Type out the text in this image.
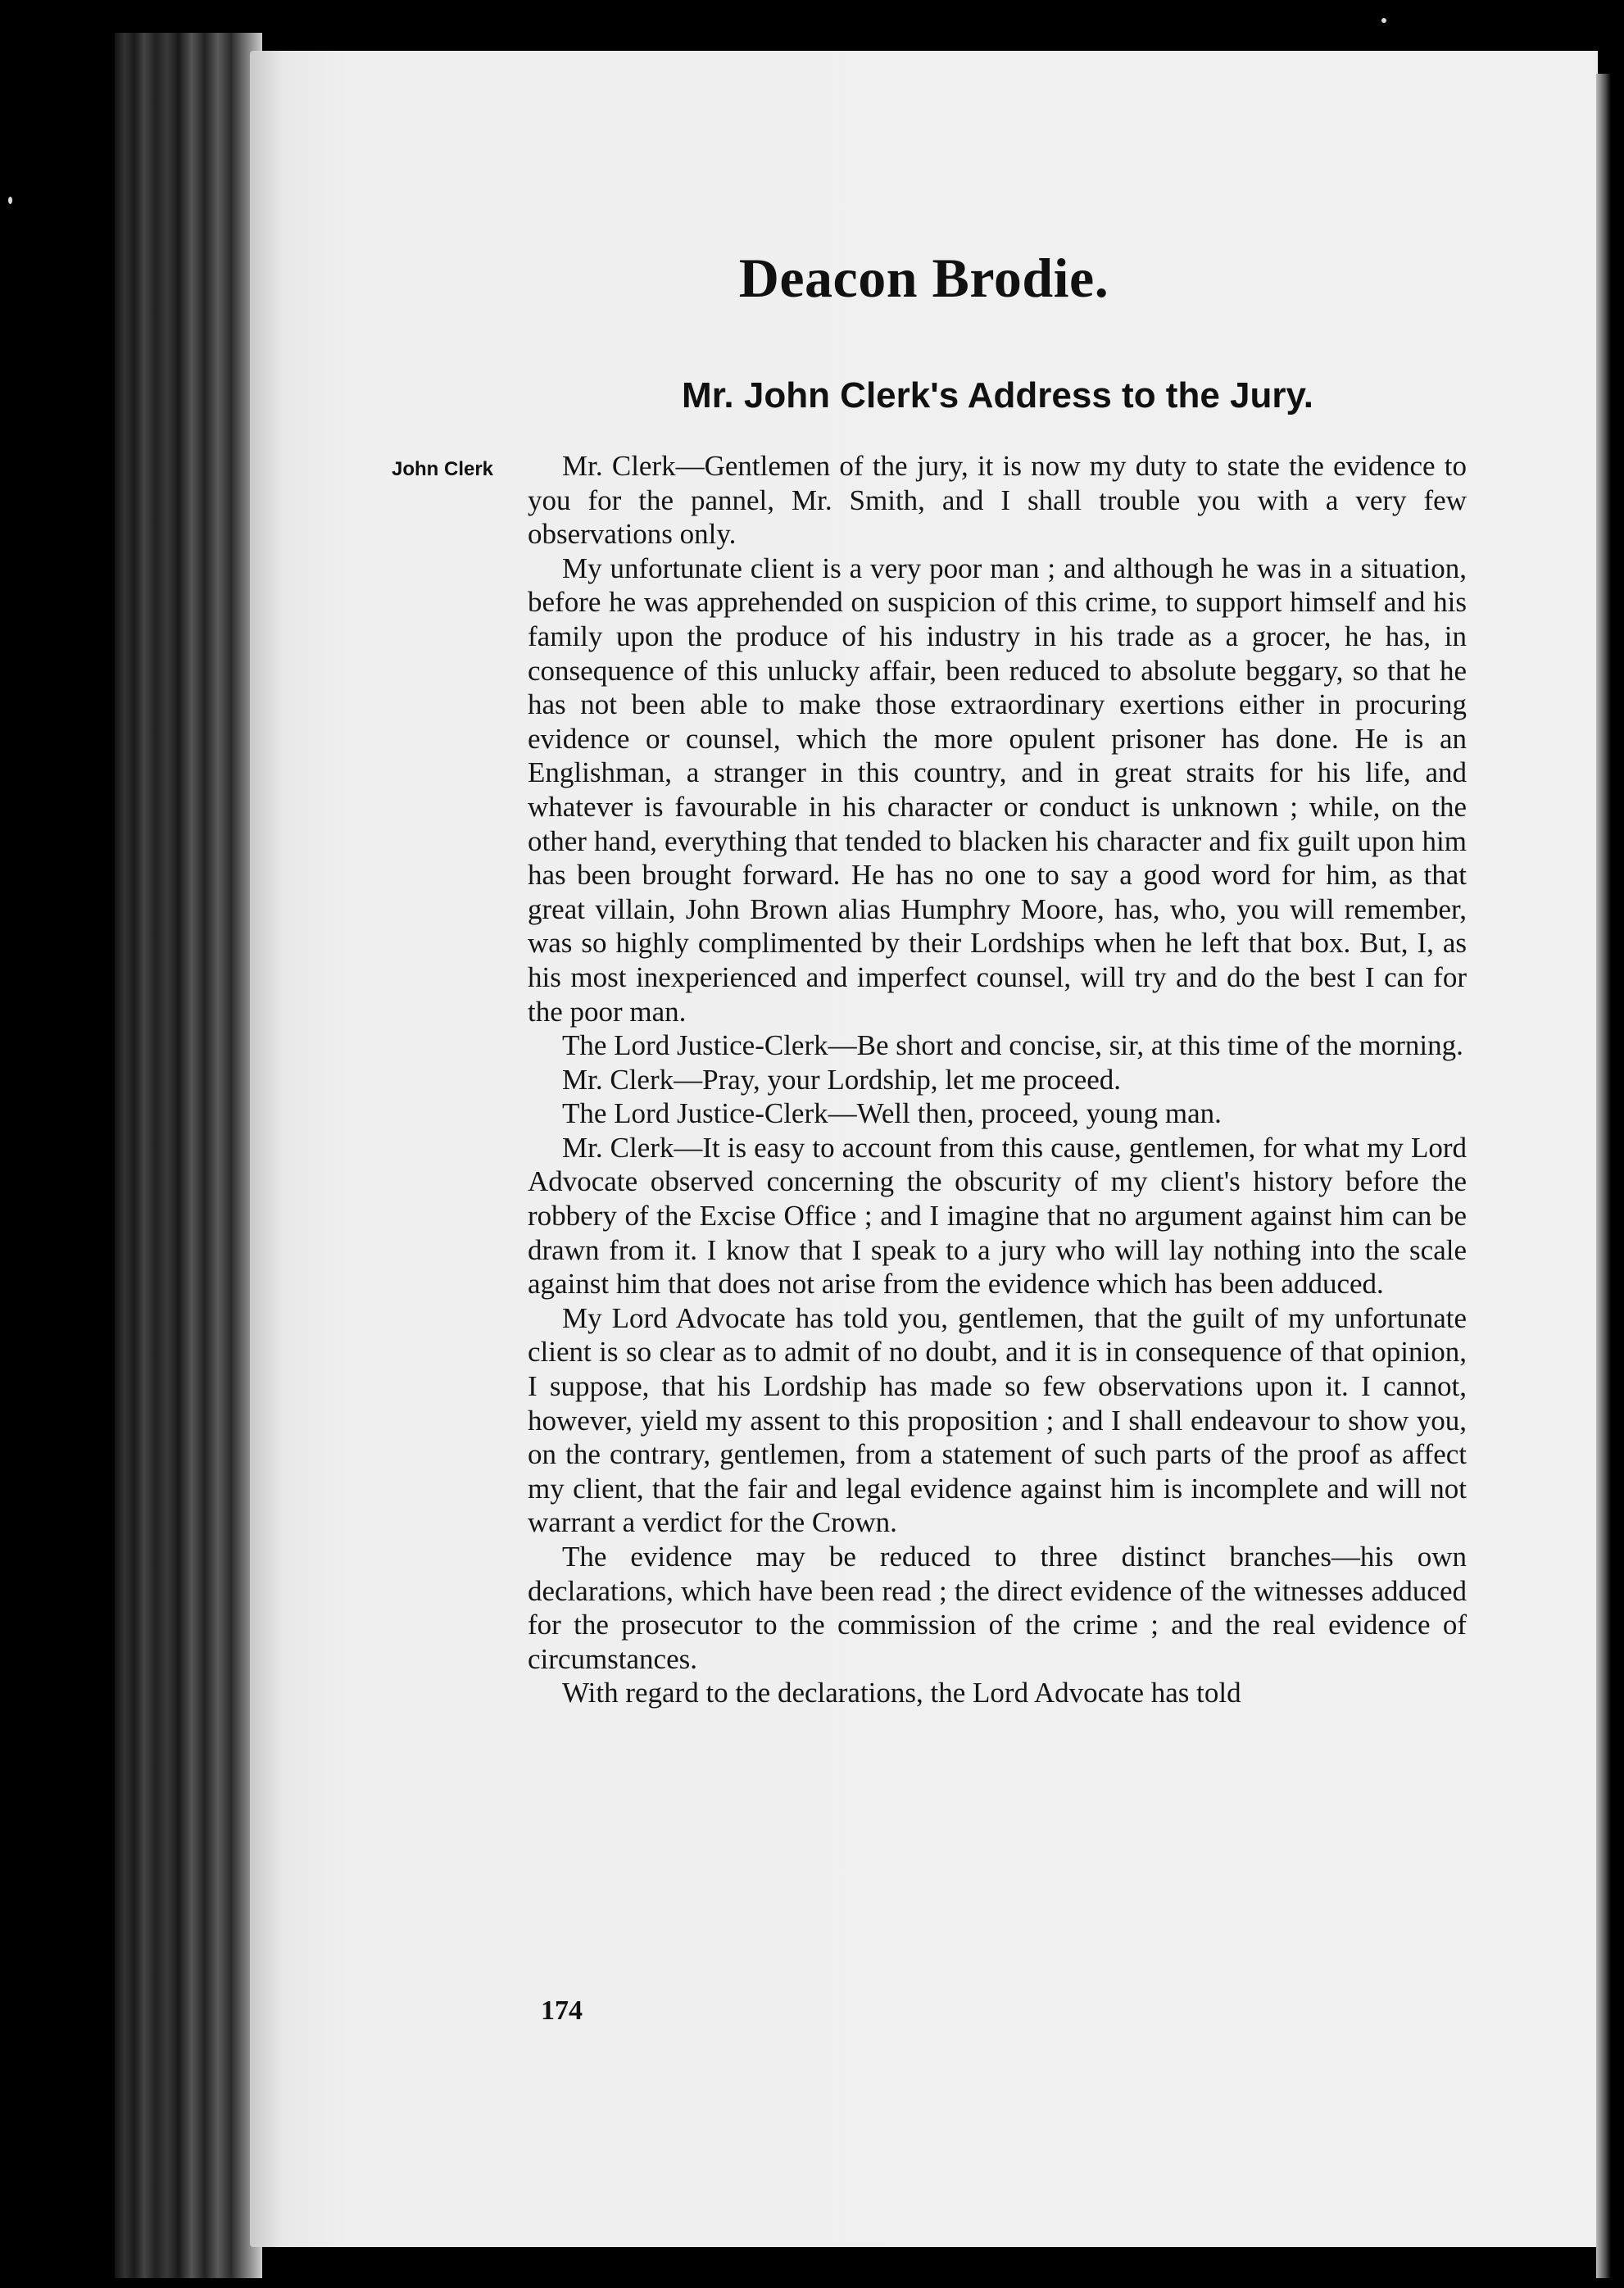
Deacon Brodie.
Mr. John Clerk's Address to the Jury.
John Clerk	Mr. Clerk—Gentlemen of the jury, it is now my duty to state the evidence to you for the pannel, Mr. Smith, and I shall trouble you with a very few observations only.

My unfortunate client is a very poor man ; and although he was in a situation, before he was apprehended on suspicion of this crime, to support himself and his family upon the produce of his industry in his trade as a grocer, he has, in consequence of this unlucky affair, been reduced to absolute beggary, so that he has not been able to make those extraordinary exertions either in procuring evidence or counsel, which the more opulent prisoner has done. He is an Englishman, a stranger in this country, and in great straits for his life, and whatever is favourable in his character or conduct is unknown ; while, on the other hand, everything that tended to blacken his character and fix guilt upon him has been brought forward. He has no one to say a good word for him, as that great villain, John Brown alias Humphry Moore, has, who, you will remember, was so highly complimented by their Lordships when he left that box. But, I, as his most inexperienced and imperfect counsel, will try and do the best I can for the poor man.

The Lord Justice-Clerk—Be short and concise, sir, at this time of the morning.

Mr. Clerk—Pray, your Lordship, let me proceed.

The Lord Justice-Clerk—Well then, proceed, young man.

Mr. Clerk—It is easy to account from this cause, gentlemen, for what my Lord Advocate observed concerning the obscurity of my client's history before the robbery of the Excise Office ; and I imagine that no argument against him can be drawn from it. I know that I speak to a jury who will lay nothing into the scale against him that does not arise from the evidence which has been adduced.

My Lord Advocate has told you, gentlemen, that the guilt of my unfortunate client is so clear as to admit of no doubt, and it is in consequence of that opinion, I suppose, that his Lordship has made so few observations upon it. I cannot, however, yield my assent to this proposition ; and I shall endeavour to show you, on the contrary, gentlemen, from a statement of such parts of the proof as affect my client, that the fair and legal evidence against him is incomplete and will not warrant a verdict for the Crown.

The evidence may be reduced to three distinct branches—his own declarations, which have been read ; the direct evidence of the witnesses adduced for the prosecutor to the commission of the crime ; and the real evidence of circumstances.

With regard to the declarations, the Lord Advocate has told

174
